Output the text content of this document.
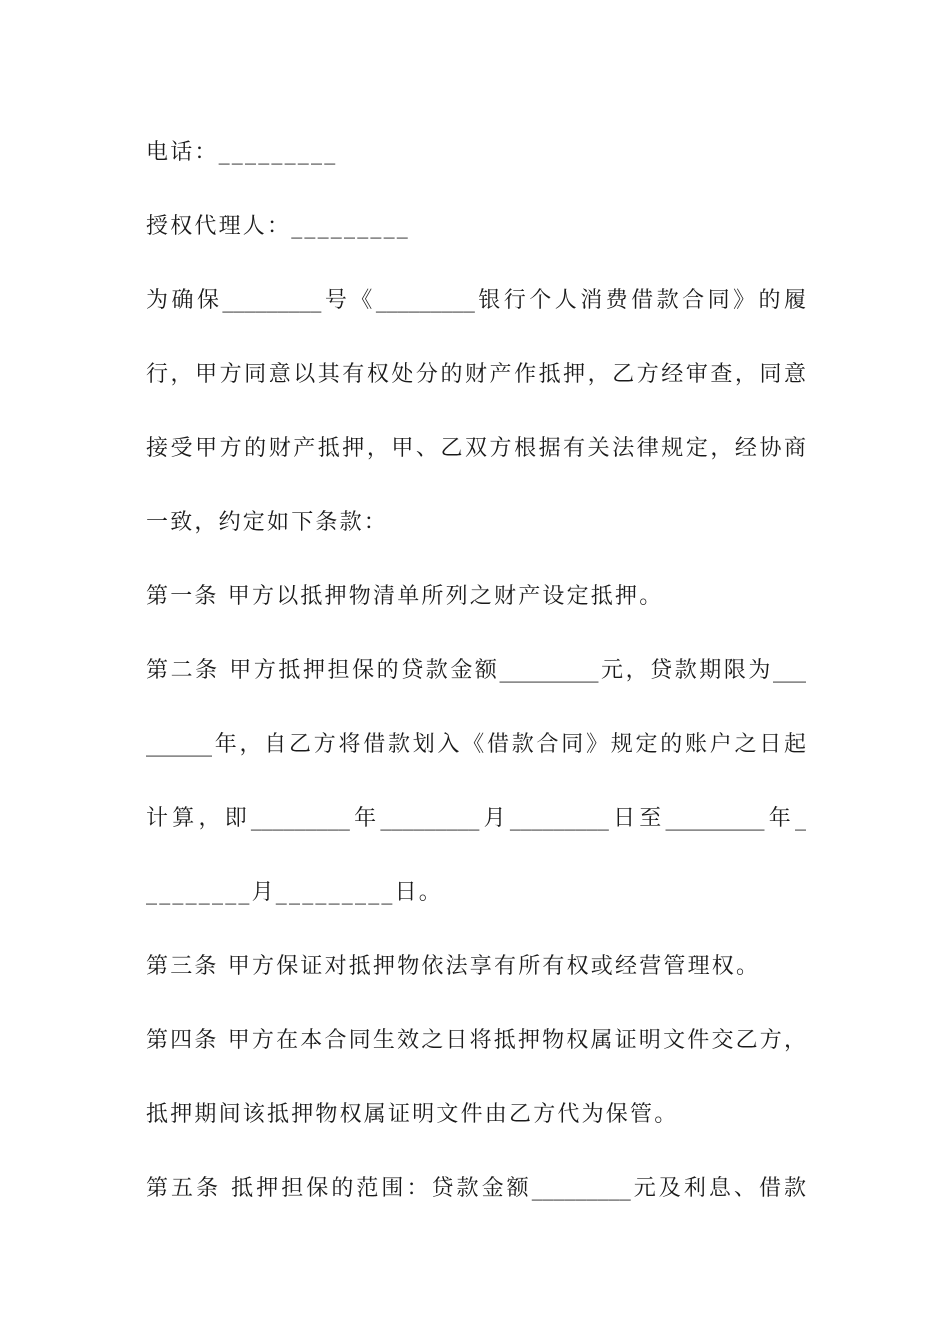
电话：_________

授权代理人：_________

为确保_________号《_________银行个人消费借款合同》的履

行，甲方同意以其有权处分的财产作抵押，乙方经审查，同意

接受甲方的财产抵押，甲、乙双方根据有关法律规定，经协商

一致，约定如下条款：

第一条 甲方以抵押物清单所列之财产设定抵押。

第二条 甲方抵押担保的贷款金额_________元，贷款期限为___

______年，自乙方将借款划入《借款合同》规定的账户之日起

计算，即_________年_________月_________日至_________年_

________月_________日。

第三条 甲方保证对抵押物依法享有所有权或经营管理权。

第四条 甲方在本合同生效之日将抵押物权属证明文件交乙方，

抵押期间该抵押物权属证明文件由乙方代为保管。

第五条 抵押担保的范围：贷款金额_________元及利息、借款
